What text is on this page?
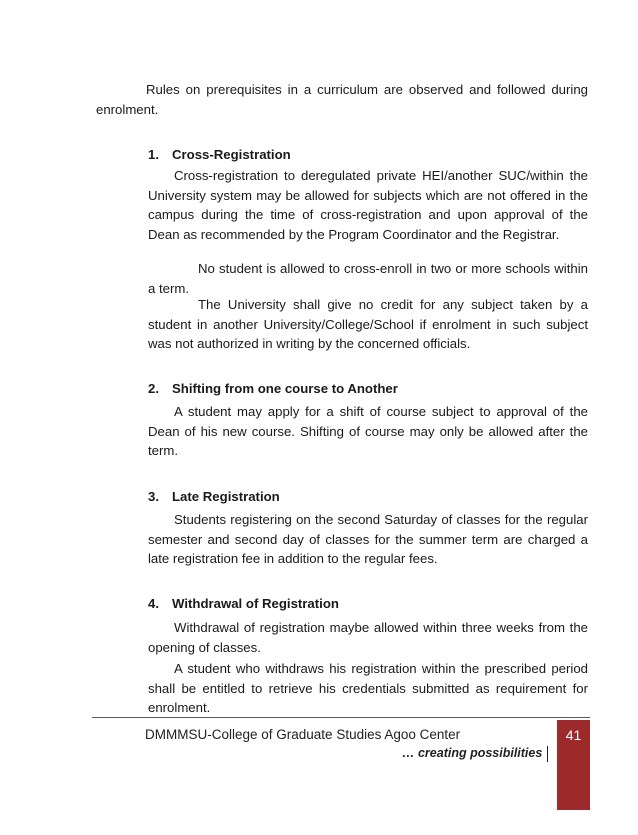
Rules on prerequisites in a curriculum are observed and followed during enrolment.

1. Cross-Registration

Cross-registration to deregulated private HEI/another SUC/within the University system may be allowed for subjects which are not offered in the campus during the time of cross-registration and upon approval of the Dean as recommended by the Program Coordinator and the Registrar.

No student is allowed to cross-enroll in two or more schools within a term.

The University shall give no credit for any subject taken by a student in another University/College/School if enrolment in such subject was not authorized in writing by the concerned officials.

2. Shifting from one course to Another

A student may apply for a shift of course subject to approval of the Dean of his new course. Shifting of course may only be allowed after the term.

3. Late Registration

Students registering on the second Saturday of classes for the regular semester and second day of classes for the summer term are charged a late registration fee in addition to the regular fees.

4. Withdrawal of Registration

Withdrawal of registration maybe allowed within three weeks from the opening of classes.

A student who withdraws his registration within the prescribed period shall be entitled to retrieve his credentials submitted as requirement for enrolment.

DMMMSU-College of Graduate Studies Agoo Center
… creating possibilities
41
